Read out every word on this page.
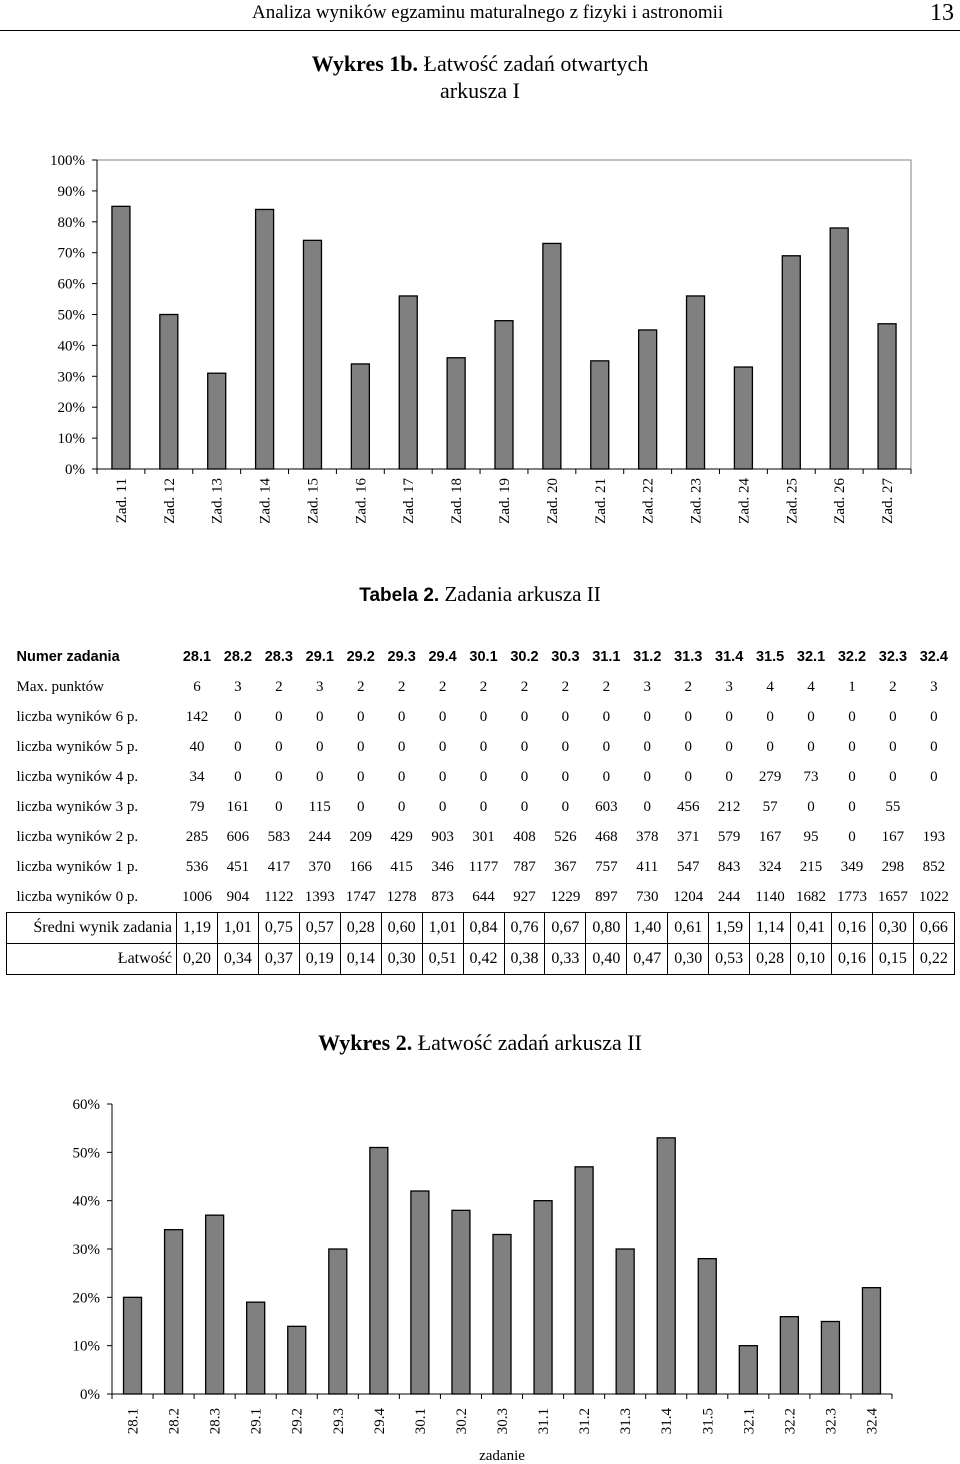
Analiza wyników egzaminu maturalnego z fizyki i astronomii	13
Wykres 1b. Łatwość zadań otwartych arkusza I
0%
10%
20%
30%
40%
50%
60%
70%
80%
90%
100%
Zad. 11 Zad. 12 Zad. 13 Zad. 14 Zad. 15 Zad. 16 Zad. 17 Zad. 18 Zad. 19 Zad. 20 Zad. 21 Zad. 22 Zad. 23 Zad. 24 Zad. 25 Zad. 26 Zad. 27
Tabela 2. Zadania arkusza II
Numer zadania	28.1	28.2	28.3	29.1	29.2	29.3	29.4	30.1	30.2	30.3	31.1	31.2	31.3	31.4	31.5	32.1	32.2	32.3	32.4
Max. punktów	6	3	2	3	2	2	2	2	2	2	2	3	2	3	4	4	1	2	3
liczba wyników 6 p.	142	0	0	0	0	0	0	0	0	0	0	0	0	0	0	0	0	0	0
liczba wyników 5 p.	40	0	0	0	0	0	0	0	0	0	0	0	0	0	0	0	0	0	0
liczba wyników 4 p.	34	0	0	0	0	0	0	0	0	0	0	0	0	0	279	73	0	0	0
liczba wyników 3 p.	79	161	0	115	0	0	0	0	0	0	603	0	456	212	57	0	0	55	
liczba wyników 2 p.	285	606	583	244	209	429	903	301	408	526	468	378	371	579	167	95	0	167	193
liczba wyników 1 p.	536	451	417	370	166	415	346	1177	787	367	757	411	547	843	324	215	349	298	852
liczba wyników 0 p.	1006	904	1122	1393	1747	1278	873	644	927	1229	897	730	1204	244	1140	1682	1773	1657	1022
Średni wynik zadania	1,19	1,01	0,75	0,57	0,28	0,60	1,01	0,84	0,76	0,67	0,80	1,40	0,61	1,59	1,14	0,41	0,16	0,30	0,66
Łatwość	0,20	0,34	0,37	0,19	0,14	0,30	0,51	0,42	0,38	0,33	0,40	0,47	0,30	0,53	0,28	0,10	0,16	0,15	0,22
Wykres 2. Łatwość zadań arkusza II
0%
10%
20%
30%
40%
50%
60%
28.1 28.2 28.3 29.1 29.2 29.3 29.4 30.1 30.2 30.3 31.1 31.2 31.3 31.4 31.5 32.1 32.2 32.3 32.4
zadanie
